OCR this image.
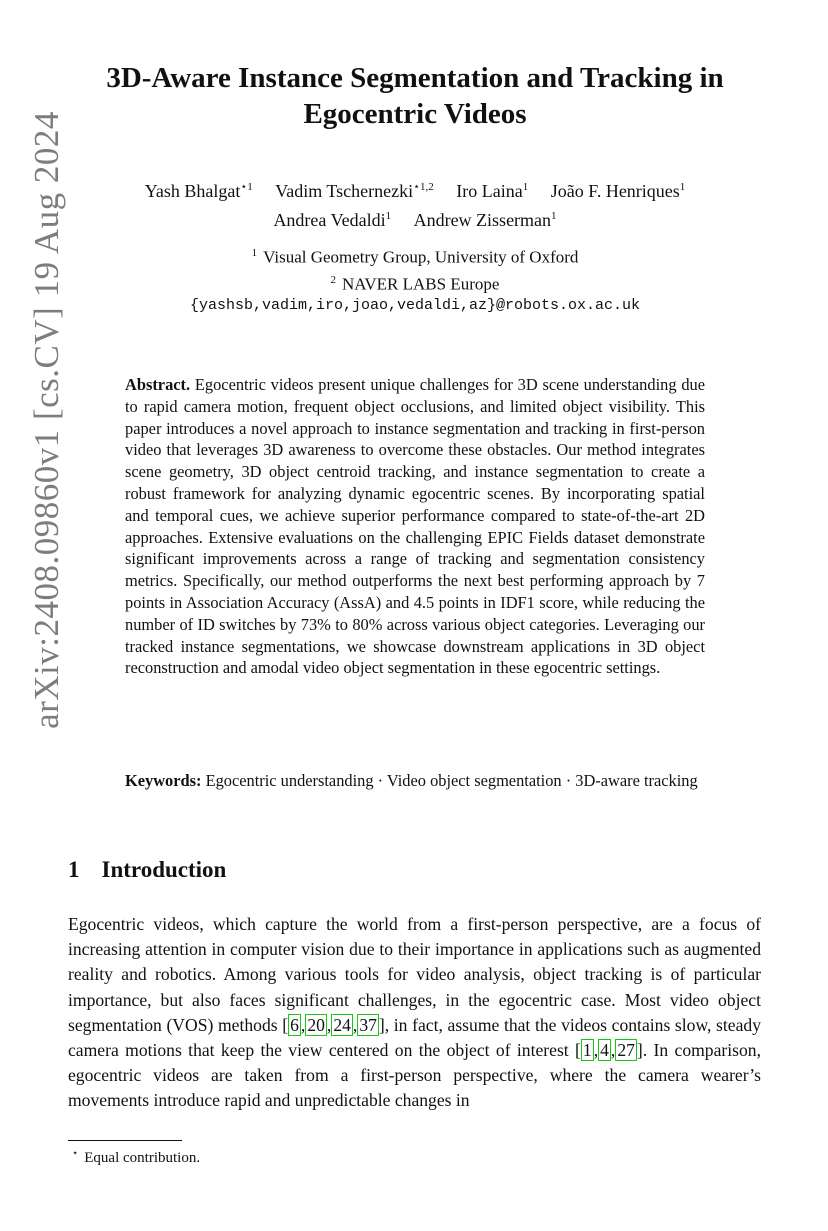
arXiv:2408.09860v1 [cs.CV] 19 Aug 2024
3D-Aware Instance Segmentation and Tracking in Egocentric Videos
Yash Bhalgat$^{⋆1}$ Vadim Tschernezki$^{⋆1,2}$ Iro Laina$^1$ João F. Henriques$^1$
Andrea Vedaldi$^1$ Andrew Zisserman$^1$
$^1$ Visual Geometry Group, University of Oxford
$^2$ NAVER LABS Europe
{yashsb,vadim,iro,joao,vedaldi,az}@robots.ox.ac.uk
Abstract. Egocentric videos present unique challenges for 3D scene understanding due to rapid camera motion, frequent object occlusions, and limited object visibility. This paper introduces a novel approach to instance segmentation and tracking in first-person video that leverages 3D awareness to overcome these obstacles. Our method integrates scene geometry, 3D object centroid tracking, and instance segmentation to create a robust framework for analyzing dynamic egocentric scenes. By incorporating spatial and temporal cues, we achieve superior performance compared to state-of-the-art 2D approaches. Extensive evaluations on the challenging EPIC Fields dataset demonstrate significant improvements across a range of tracking and segmentation consistency metrics. Specifically, our method outperforms the next best performing approach by 7 points in Association Accuracy (AssA) and 4.5 points in IDF1 score, while reducing the number of ID switches by 73% to 80% across various object categories. Leveraging our tracked instance segmentations, we showcase downstream applications in 3D object reconstruction and amodal video object segmentation in these egocentric settings.
Keywords: Egocentric understanding · Video object segmentation · 3D-aware tracking
1 Introduction
Egocentric videos, which capture the world from a first-person perspective, are a focus of increasing attention in computer vision due to their importance in applications such as augmented reality and robotics. Among various tools for video analysis, object tracking is of particular importance, but also faces significant challenges, in the egocentric case. Most video object segmentation (VOS) methods [ 6 , 20 , 24 , 37 ], in fact, assume that the videos contains slow, steady camera motions that keep the view centered on the object of interest [ 1 , 4 , 27 ]. In comparison, egocentric videos are taken from a first-person perspective, where the camera wearer’s movements introduce rapid and unpredictable changes in
⋆ Equal contribution.
